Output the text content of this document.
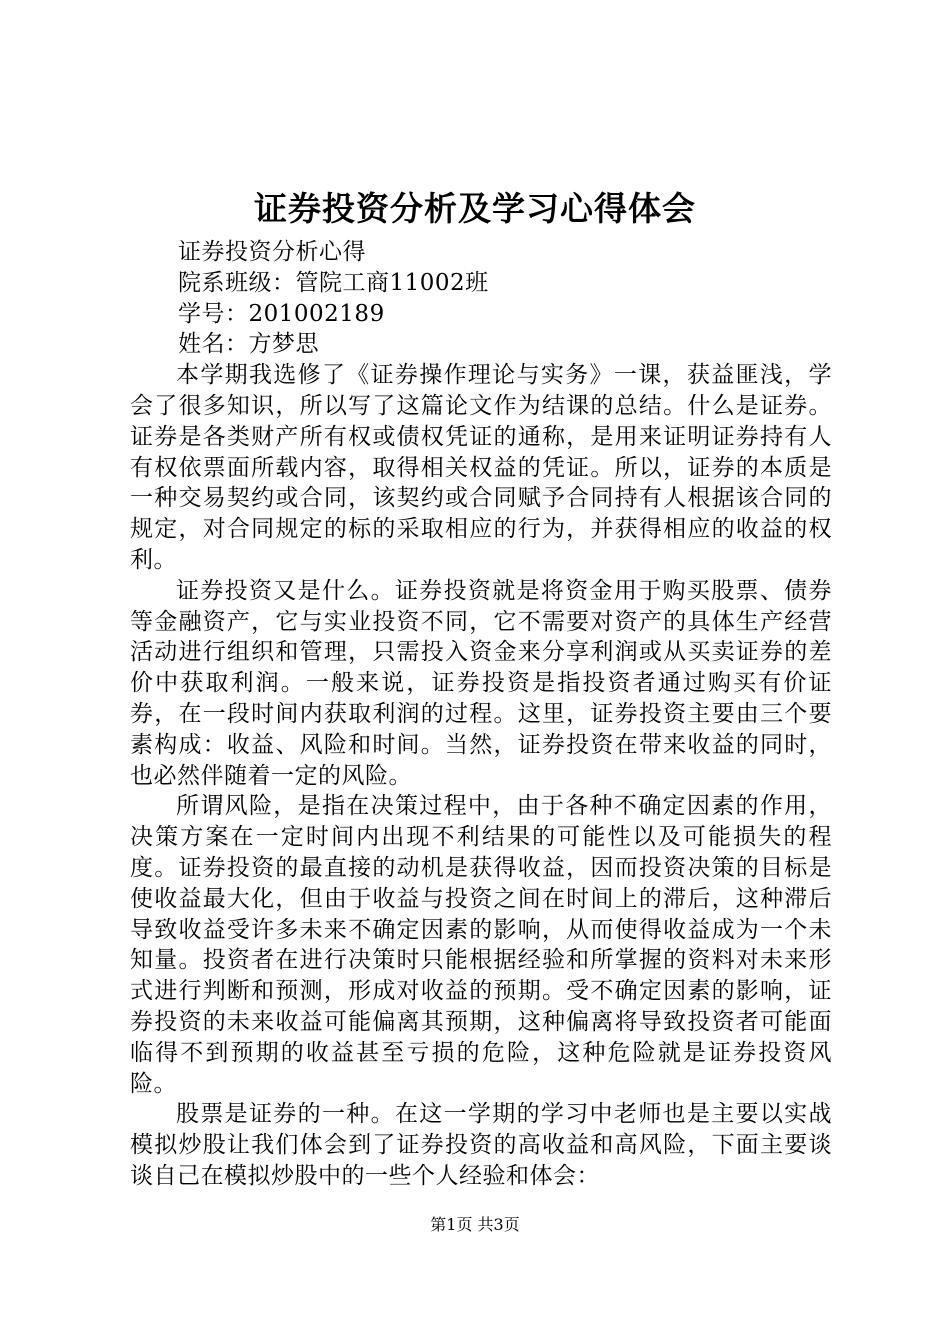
证券投资分析及学习心得体会

证券投资分析心得

院系班级：管院工商11002班

学号：201002189

姓名：方梦思

本学期我选修了《证券操作理论与实务》一课，获益匪浅，学会了很多知识，所以写了这篇论文作为结课的总结。什么是证券。证券是各类财产所有权或债权凭证的通称，是用来证明证券持有人有权依票面所载内容，取得相关权益的凭证。所以，证券的本质是一种交易契约或合同，该契约或合同赋予合同持有人根据该合同的规定，对合同规定的标的采取相应的行为，并获得相应的收益的权利。

证券投资又是什么。证券投资就是将资金用于购买股票、债券等金融资产，它与实业投资不同，它不需要对资产的具体生产经营活动进行组织和管理，只需投入资金来分享利润或从买卖证券的差价中获取利润。一般来说，证券投资是指投资者通过购买有价证券，在一段时间内获取利润的过程。这里，证券投资主要由三个要素构成：收益、风险和时间。当然，证券投资在带来收益的同时，也必然伴随着一定的风险。

所谓风险，是指在决策过程中，由于各种不确定因素的作用，决策方案在一定时间内出现不利结果的可能性以及可能损失的程度。证券投资的最直接的动机是获得收益，因而投资决策的目标是使收益最大化，但由于收益与投资之间在时间上的滞后，这种滞后导致收益受许多未来不确定因素的影响，从而使得收益成为一个未知量。投资者在进行决策时只能根据经验和所掌握的资料对未来形式进行判断和预测，形成对收益的预期。受不确定因素的影响，证券投资的未来收益可能偏离其预期，这种偏离将导致投资者可能面临得不到预期的收益甚至亏损的危险，这种危险就是证券投资风险。

股票是证券的一种。在这一学期的学习中老师也是主要以实战模拟炒股让我们体会到了证券投资的高收益和高风险，下面主要谈谈自己在模拟炒股中的一些个人经验和体会：

第1页 共3页
